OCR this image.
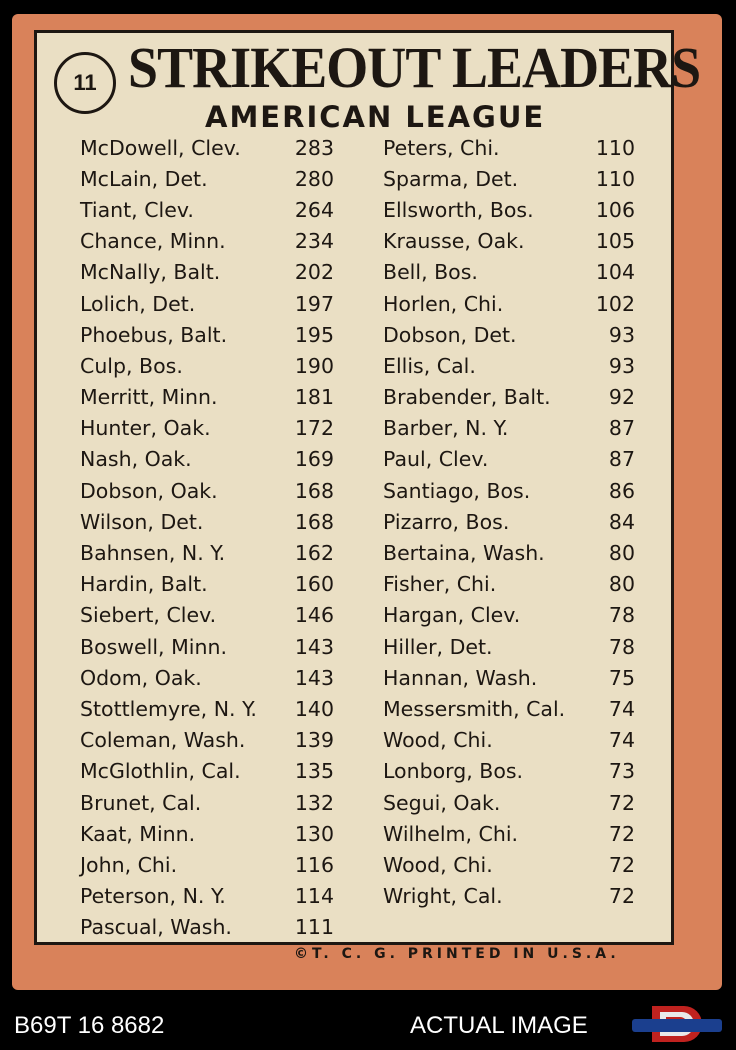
11 STRIKEOUT LEADERS
AMERICAN LEAGUE
McDowell, Clev.	283
McLain, Det.	280
Tiant, Clev.	264
Chance, Minn.	234
McNally, Balt.	202
Lolich, Det.	197
Phoebus, Balt.	195
Culp, Bos.	190
Merritt, Minn.	181
Hunter, Oak.	172
Nash, Oak.	169
Dobson, Oak.	168
Wilson, Det.	168
Bahnsen, N. Y.	162
Hardin, Balt.	160
Siebert, Clev.	146
Boswell, Minn.	143
Odom, Oak.	143
Stottlemyre, N. Y.	140
Coleman, Wash.	139
McGlothlin, Cal.	135
Brunet, Cal.	132
Kaat, Minn.	130
John, Chi.	116
Peterson, N. Y.	114
Pascual, Wash.	111
Peters, Chi.	110
Sparma, Det.	110
Ellsworth, Bos.	106
Krausse, Oak.	105
Bell, Bos.	104
Horlen, Chi.	102
Dobson, Det.	93
Ellis, Cal.	93
Brabender, Balt.	92
Barber, N. Y.	87
Paul, Clev.	87
Santiago, Bos.	86
Pizarro, Bos.	84
Bertaina, Wash.	80
Fisher, Chi.	80
Hargan, Clev.	78
Hiller, Det.	78
Hannan, Wash.	75
Messersmith, Cal.	74
Wood, Chi.	74
Lonborg, Bos.	73
Segui, Oak.	72
Wilhelm, Chi.	72
Wood, Chi.	72
Wright, Cal.	72
©T. C. G. PRINTED IN U.S.A.
B69T 16 8682	ACTUAL IMAGE
